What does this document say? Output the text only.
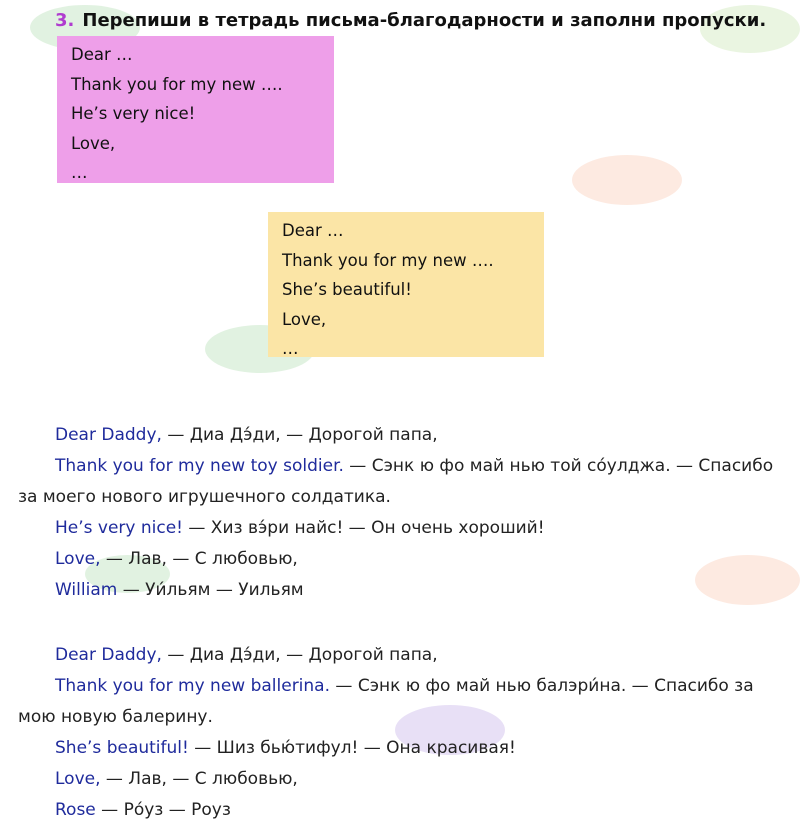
3. Перепиши в тетрадь письма-благодарности и заполни пропуски.
Dear …
Thank you for my new ….
He’s very nice!
Love,
…
Dear …
Thank you for my new ….
She’s beautiful!
Love,
…
Dear Daddy, — Диа Дэ́ди, — Дорогой папа,
Thank you for my new toy soldier. — Сэнк ю фо май нью той со́улджа. — Спасибо
за моего нового игрушечного солдатика.
He’s very nice! — Хиз вэ́ри найс! — Он очень хороший!
Love, — Лав, — С любовью,
William — Уи́льям — Уильям
Dear Daddy, — Диа Дэ́ди, — Дорогой папа,
Thank you for my new ballerina. — Сэнк ю фо май нью балэри́на. — Спасибо за
мою новую балерину.
She’s beautiful! — Шиз бью́тифул! — Она красивая!
Love, — Лав, — С любовью,
Rose — Ро́уз — Роуз
